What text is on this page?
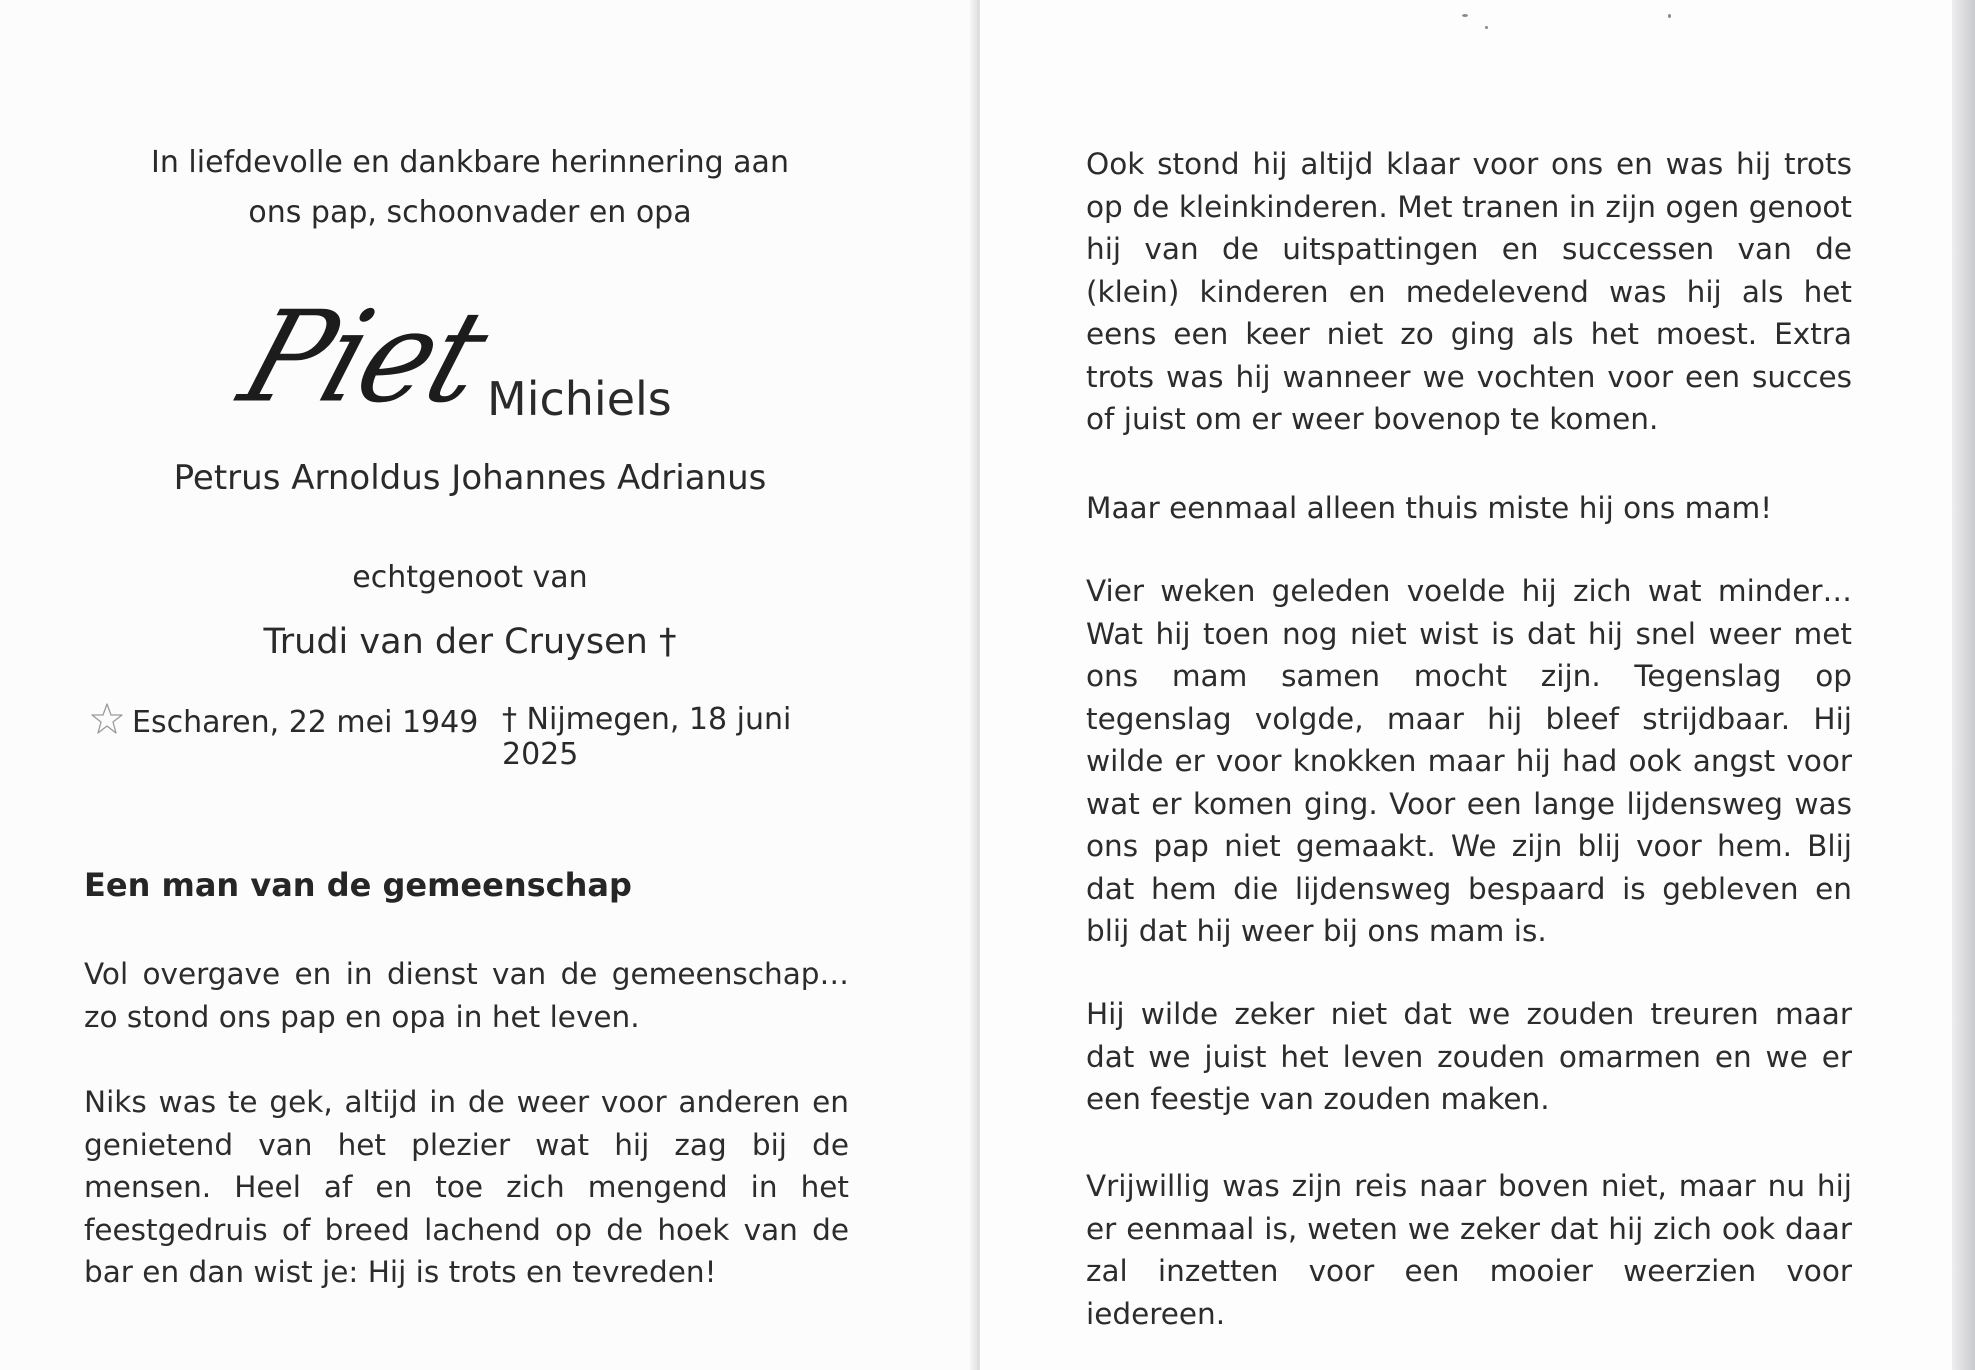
In liefdevolle en dankbare herinnering aan
ons pap, schoonvader en opa

Piet
Michiels

Petrus Arnoldus Johannes Adrianus

echtgenoot van

Trudi van der Cruysen †

Escharen, 22 mei 1949 † Nijmegen, 18 juni 2025
Een man van de gemeenschap

Vol overgave en in dienst van de gemeenschap… zo stond ons pap en opa in het leven.

Niks was te gek, altijd in de weer voor anderen en genietend van het plezier wat hij zag bij de mensen. Heel af en toe zich mengend in het feestgedruis of breed lachend op de hoek van de bar en dan wist je: Hij is trots en tevreden!

Ook stond hij altijd klaar voor ons en was hij trots op de kleinkinderen. Met tranen in zijn ogen genoot hij van de uitspattingen en successen van de (klein) kinderen en medelevend was hij als het eens een keer niet zo ging als het moest. Extra trots was hij wanneer we vochten voor een succes of juist om er weer bovenop te komen.

Maar eenmaal alleen thuis miste hij ons mam!

Vier weken geleden voelde hij zich wat minder… Wat hij toen nog niet wist is dat hij snel weer met ons mam samen mocht zijn. Tegenslag op tegenslag volgde, maar hij bleef strijdbaar. Hij wilde er voor knokken maar hij had ook angst voor wat er komen ging. Voor een lange lijdensweg was ons pap niet gemaakt. We zijn blij voor hem. Blij dat hem die lijdensweg bespaard is gebleven en blij dat hij weer bij ons mam is.

Hij wilde zeker niet dat we zouden treuren maar dat we juist het leven zouden omarmen en we er een feestje van zouden maken.

Vrijwillig was zijn reis naar boven niet, maar nu hij er eenmaal is, weten we zeker dat hij zich ook daar zal inzetten voor een mooier weerzien voor iedereen.
